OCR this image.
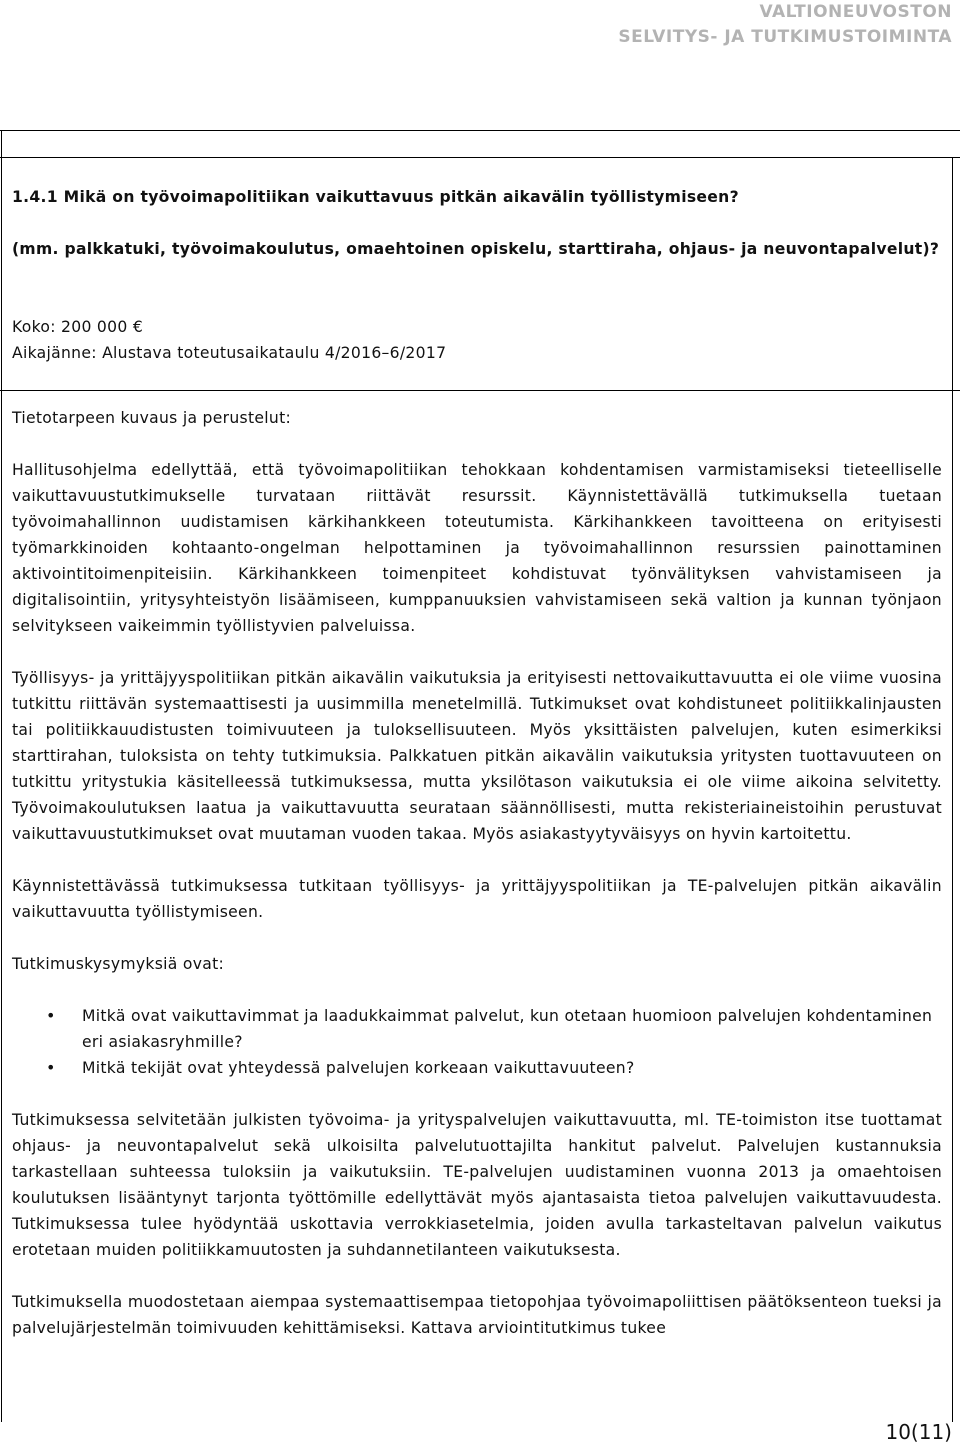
VALTIONEUVOSTON
SELVITYS- JA TUTKIMUSTOIMINTA
1.4.1 Mikä on työvoimapolitiikan vaikuttavuus pitkän aikavälin työllistymiseen?
(mm. palkkatuki, työvoimakoulutus, omaehtoinen opiskelu, starttiraha, ohjaus- ja neuvontapalvelut)?
Koko: 200 000 €
Aikajänne: Alustava toteutusaikataulu 4/2016–6/2017
Tietotarpeen kuvaus ja perustelut:

Hallitusohjelma edellyttää, että työvoimapolitiikan tehokkaan kohdentamisen varmistamiseksi tieteelliselle vaikuttavuustutkimukselle turvataan riittävät resurssit. Käynnistettävällä tutkimuksella tuetaan työvoimahallinnon uudistamisen kärkihankkeen toteutumista. Kärkihankkeen tavoitteena on erityisesti työmarkkinoiden kohtaanto-ongelman helpottaminen ja työvoimahallinnon resurssien painottaminen aktivointitoimenpiteisiin. Kärkihankkeen toimenpiteet kohdistuvat työnvälityksen vahvistamiseen ja digitalisointiin, yritysyhteistyön lisäämiseen, kumppanuuksien vahvistamiseen sekä valtion ja kunnan työnjaon selvitykseen vaikeimmin työllistyvien palveluissa.

Työllisyys- ja yrittäjyyspolitiikan pitkän aikavälin vaikutuksia ja erityisesti nettovaikuttavuutta ei ole viime vuosina tutkittu riittävän systemaattisesti ja uusimmilla menetelmillä. Tutkimukset ovat kohdistuneet politiikkalinjausten tai politiikkauudistusten toimivuuteen ja tuloksellisuuteen. Myös yksittäisten palvelujen, kuten esimerkiksi starttirahan, tuloksista on tehty tutkimuksia. Palkkatuen pitkän aikavälin vaikutuksia yritysten tuottavuuteen on tutkittu yritystukia käsitelleessä tutkimuksessa, mutta yksilötason vaikutuksia ei ole viime aikoina selvitetty. Työvoimakoulutuksen laatua ja vaikuttavuutta seurataan säännöllisesti, mutta rekisteriaineistoihin perustuvat vaikuttavuustutkimukset ovat muutaman vuoden takaa. Myös asiakastyytyväisyys on hyvin kartoitettu.

Käynnistettävässä tutkimuksessa tutkitaan työllisyys- ja yrittäjyyspolitiikan ja TE-palvelujen pitkän aikavälin vaikuttavuutta työllistymiseen.

Tutkimuskysymyksiä ovat:
• Mitkä ovat vaikuttavimmat ja laadukkaimmat palvelut, kun otetaan huomioon palvelujen kohdentaminen eri asiakasryhmille?
• Mitkä tekijät ovat yhteydessä palvelujen korkeaan vaikuttavuuteen?

Tutkimuksessa selvitetään julkisten työvoima- ja yrityspalvelujen vaikuttavuutta, ml. TE-toimiston itse tuottamat ohjaus- ja neuvontapalvelut sekä ulkoisilta palvelutuottajilta hankitut palvelut. Palvelujen kustannuksia tarkastellaan suhteessa tuloksiin ja vaikutuksiin. TE-palvelujen uudistaminen vuonna 2013 ja omaehtoisen koulutuksen lisääntynyt tarjonta työttömille edellyttävät myös ajantasaista tietoa palvelujen vaikuttavuudesta. Tutkimuksessa tulee hyödyntää uskottavia verrokkiasetelmia, joiden avulla tarkasteltavan palvelun vaikutus erotetaan muiden politiikkamuutosten ja suhdannetilanteen vaikutuksesta.

Tutkimuksella muodostetaan aiempaa systemaattisempaa tietopohjaa työvoimapoliittisen päätöksenteon tueksi ja palvelujärjestelmän toimivuuden kehittämiseksi. Kattava arviointitutkimus tukee

10(11)
